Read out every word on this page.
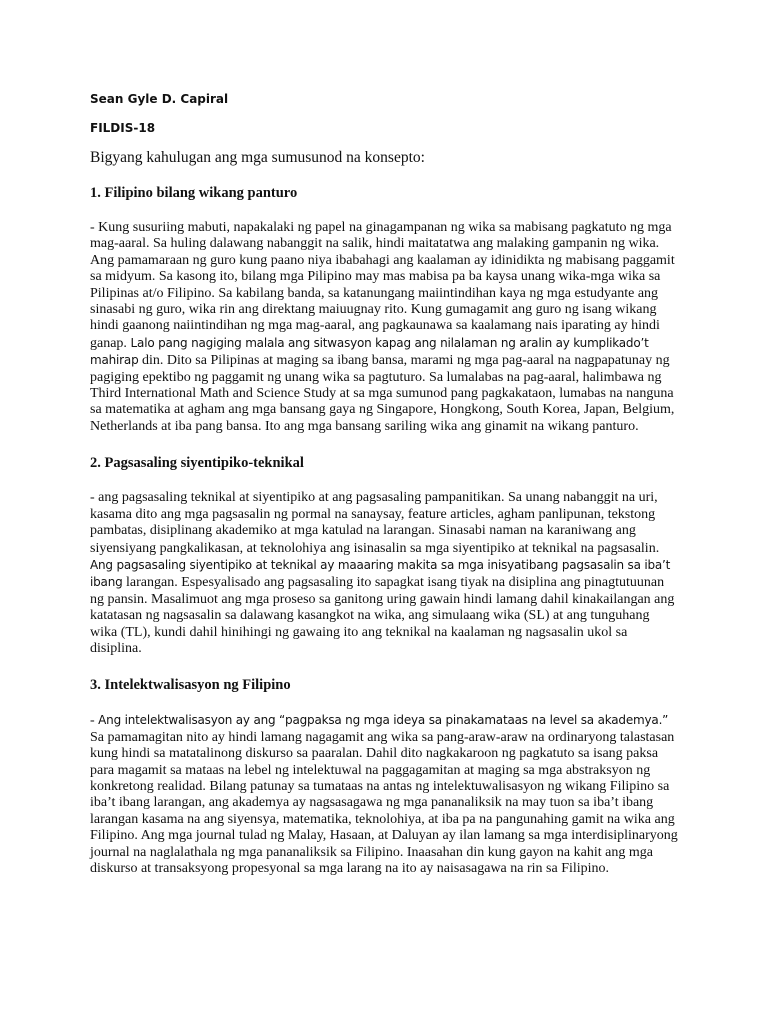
Sean Gyle D. Capiral

FILDIS-18

Bigyang kahulugan ang mga sumusunod na konsepto:

1. Filipino bilang wikang panturo

- Kung susuriing mabuti, napakalaki ng papel na ginagampanan ng wika sa mabisang pagkatuto ng mga mag-aaral. Sa huling dalawang nabanggit na salik, hindi maitatatwa ang malaking gampanin ng wika. Ang pamamaraan ng guro kung paano niya ibabahagi ang kaalaman ay idinidikta ng mabisang paggamit sa midyum. Sa kasong ito, bilang mga Pilipino may mas mabisa pa ba kaysa unang wika-mga wika sa Pilipinas at/o Filipino. Sa kabilang banda, sa katanungang maiintindihan kaya ng mga estudyante ang sinasabi ng guro, wika rin ang direktang maiuugnay rito. Kung gumagamit ang guro ng isang wikang hindi gaanong naiintindihan ng mga mag-aaral, ang pagkaunawa sa kaalamang nais iparating ay hindi ganap. Lalo pang nagiging malala ang sitwasyon kapag ang nilalaman ng aralin ay kumplikado’t mahirap din. Dito sa Pilipinas at maging sa ibang bansa, marami ng mga pag-aaral na nagpapatunay ng pagiging epektibo ng paggamit ng unang wika sa pagtuturo. Sa lumalabas na pag-aaral, halimbawa ng Third International Math and Science Study at sa mga sumunod pang pagkakataon, lumabas na nanguna sa matematika at agham ang mga bansang gaya ng Singapore, Hongkong, South Korea, Japan, Belgium, Netherlands at iba pang bansa. Ito ang mga bansang sariling wika ang ginamit na wikang panturo.

2. Pagsasaling siyentipiko-teknikal

- ang pagsasaling teknikal at siyentipiko at ang pagsasaling pampanitikan. Sa unang nabanggit na uri, kasama dito ang mga pagsasalin ng pormal na sanaysay, feature articles, agham panlipunan, tekstong pambatas, disiplinang akademiko at mga katulad na larangan. Sinasabi naman na karaniwang ang siyensiyang pangkalikasan, at teknolohiya ang isinasalin sa mga siyentipiko at teknikal na pagsasalin. Ang pagsasaling siyentipiko at teknikal ay maaaring makita sa mga inisyatibang pagsasalin sa iba’t ibang larangan. Espesyalisado ang pagsasaling ito sapagkat isang tiyak na disiplina ang pinagtutuunan ng pansin. Masalimuot ang mga proseso sa ganitong uring gawain hindi lamang dahil kinakailangan ang katatasan ng nagsasalin sa dalawang kasangkot na wika, ang simulaang wika (SL) at ang tunguhang wika (TL), kundi dahil hinihingi ng gawaing ito ang teknikal na kaalaman ng nagsasalin ukol sa disiplina.

3. Intelektwalisasyon ng Filipino

- Ang intelektwalisasyon ay ang “pagpaksa ng mga ideya sa pinakamataas na level sa akademya.” Sa pamamagitan nito ay hindi lamang nagagamit ang wika sa pang-araw-araw na ordinaryong talastasan kung hindi sa matatalinong diskurso sa paaralan. Dahil dito nagkakaroon ng pagkatuto sa isang paksa para magamit sa mataas na lebel ng intelektuwal na paggagamitan at maging sa mga abstraksyon ng konkretong realidad. Bilang patunay sa tumataas na antas ng intelektuwalisasyon ng wikang Filipino sa iba’t ibang larangan, ang akademya ay nagsasagawa ng mga pananaliksik na may tuon sa iba’t ibang larangan kasama na ang siyensya, matematika, teknolohiya, at iba pa na pangunahing gamit na wika ang Filipino. Ang mga journal tulad ng Malay, Hasaan, at Daluyan ay ilan lamang sa mga interdisiplinaryong journal na naglalathala ng mga pananaliksik sa Filipino. Inaasahan din kung gayon na kahit ang mga diskurso at transaksyong propesyonal sa mga larang na ito ay naisasagawa na rin sa Filipino.
